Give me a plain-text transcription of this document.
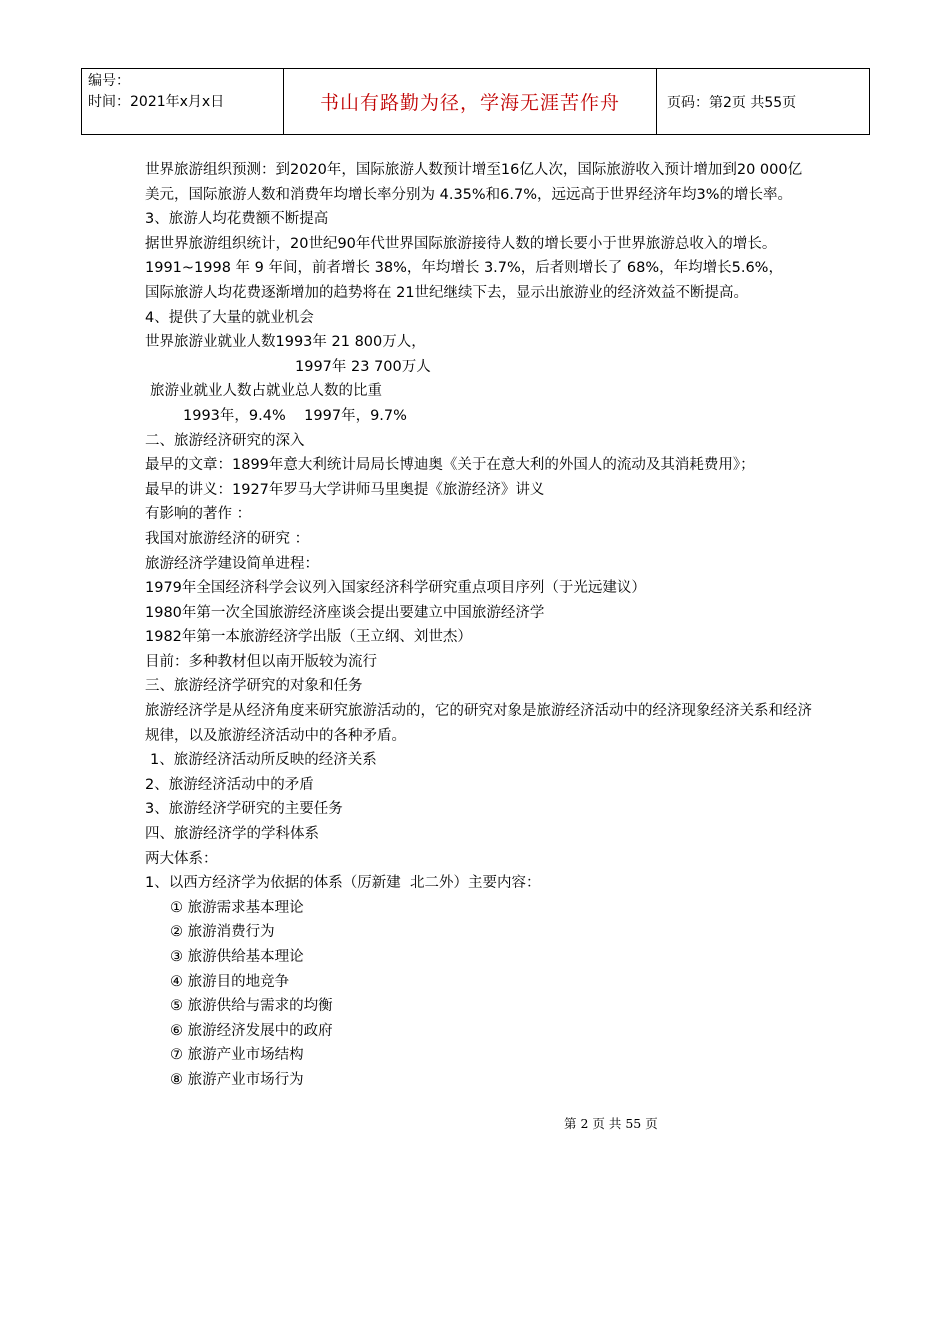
编号：
时间：2021年x月x日	书山有路勤为径，学海无涯苦作舟	页码：第2页 共55页

世界旅游组织预测：到2020年，国际旅游人数预计增至16亿人次，国际旅游收入预计增加到20 000亿美元，国际旅游人数和消费年均增长率分别为 4.35%和6.7%，远远高于世界经济年均3%的增长率。

3、旅游人均花费额不断提高

据世界旅游组织统计，20世纪90年代世界国际旅游接待人数的增长要小于世界旅游总收入的增长。

1991~1998 年 9 年间，前者增长 38%，年均增长 3.7%，后者则增长了 68%，年均增长5.6%，

国际旅游人均花费逐渐增加的趋势将在 21世纪继续下去，显示出旅游业的经济效益不断提高。

4、提供了大量的就业机会

世界旅游业就业人数1993年 21 800万人，

1997年 23 700万人

旅游业就业人数占就业总人数的比重

1993年，9.4%    1997年，9.7%

二、旅游经济研究的深入

最早的文章：1899年意大利统计局局长博迪奥《关于在意大利的外国人的流动及其消耗费用》；

最早的讲义：1927年罗马大学讲师马里奥提《旅游经济》讲义

有影响的著作 ：

我国对旅游经济的研究 ：

旅游经济学建设简单进程：

1979年全国经济科学会议列入国家经济科学研究重点项目序列（于光远建议）

1980年第一次全国旅游经济座谈会提出要建立中国旅游经济学

1982年第一本旅游经济学出版（王立纲、刘世杰）

目前：多种教材但以南开版较为流行

三、旅游经济学研究的对象和任务

旅游经济学是从经济角度来研究旅游活动的，它的研究对象是旅游经济活动中的经济现象经济关系和经济规律，以及旅游经济活动中的各种矛盾。

1、旅游经济活动所反映的经济关系

2、旅游经济活动中的矛盾

3、旅游经济学研究的主要任务

四、旅游经济学的学科体系

两大体系：

1、以西方经济学为依据的体系（厉新建  北二外）主要内容：

① 旅游需求基本理论

② 旅游消费行为

③ 旅游供给基本理论

④ 旅游目的地竞争

⑤ 旅游供给与需求的均衡

⑥ 旅游经济发展中的政府

⑦ 旅游产业市场结构

⑧ 旅游产业市场行为

第 2 页 共 55 页
